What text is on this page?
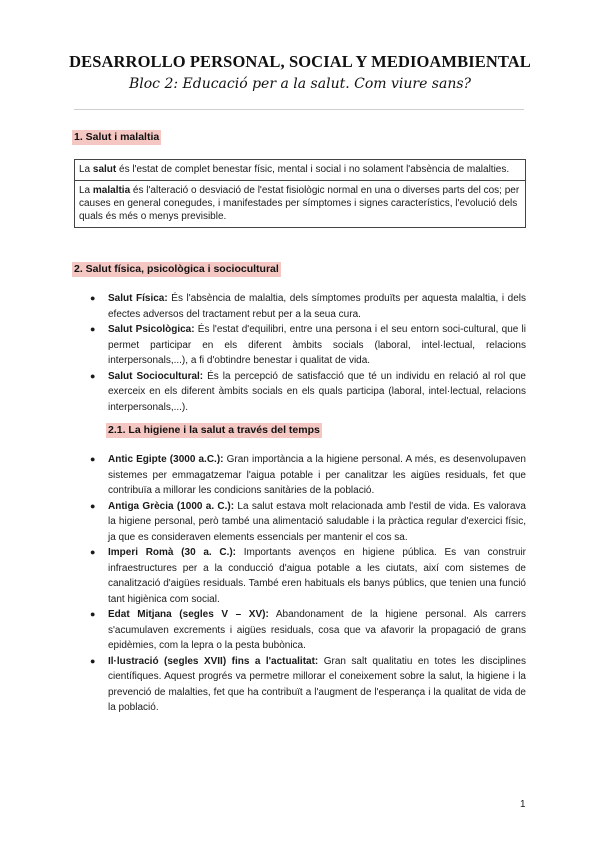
DESARROLLO PERSONAL, SOCIAL Y MEDIOAMBIENTAL
Bloc 2: Educació per a la salut. Com viure sans?
1. Salut i malaltia
La salut és l'estat de complet benestar físic, mental i social i no solament l'absència de malalties.
La malaltia és l'alteració o desviació de l'estat fisiològic normal en una o diverses parts del cos; per causes en general conegudes, i manifestades per símptomes i signes característics, l'evolució dels quals és més o menys previsible.
2. Salut física, psicològica i sociocultural
● Salut Física: És l'absència de malaltia, dels símptomes produïts per aquesta malaltia, i dels efectes adversos del tractament rebut per a la seua cura.
● Salut Psicològica: És l'estat d'equilibri, entre una persona i el seu entorn soci-cultural, que li permet participar en els diferent àmbits socials (laboral, intel·lectual, relacions interpersonals,...), a fi d'obtindre benestar i qualitat de vida.
● Salut Sociocultural: És la percepció de satisfacció que té un individu en relació al rol que exerceix en els diferent àmbits socials en els quals participa (laboral, intel·lectual, relacions interpersonals,...).
2.1. La higiene i la salut a través del temps
● Antic Egipte (3000 a.C.): Gran importància a la higiene personal. A més, es desenvolupaven sistemes per emmagatzemar l'aigua potable i per canalitzar les aigües residuals, fet que contribuïa a millorar les condicions sanitàries de la població.
● Antiga Grècia (1000 a. C.): La salut estava molt relacionada amb l'estil de vida. Es valorava la higiene personal, però també una alimentació saludable i la pràctica regular d'exercici físic, ja que es consideraven elements essencials per mantenir el cos sa.
● Imperi Romà (30 a. C.): Importants avenços en higiene pública. Es van construir infraestructures per a la conducció d'aigua potable a les ciutats, així com sistemes de canalització d'aigües residuals. També eren habituals els banys públics, que tenien una funció tant higiènica com social.
● Edat Mitjana (segles V – XV): Abandonament de la higiene personal. Als carrers s'acumulaven excrements i aigües residuals, cosa que va afavorir la propagació de grans epidèmies, com la lepra o la pesta bubònica.
● Il·lustració (segles XVII) fins a l'actualitat: Gran salt qualitatiu en totes les disciplines científiques. Aquest progrés va permetre millorar el coneixement sobre la salut, la higiene i la prevenció de malalties, fet que ha contribuït a l'augment de l'esperança i la qualitat de vida de la població.
1
